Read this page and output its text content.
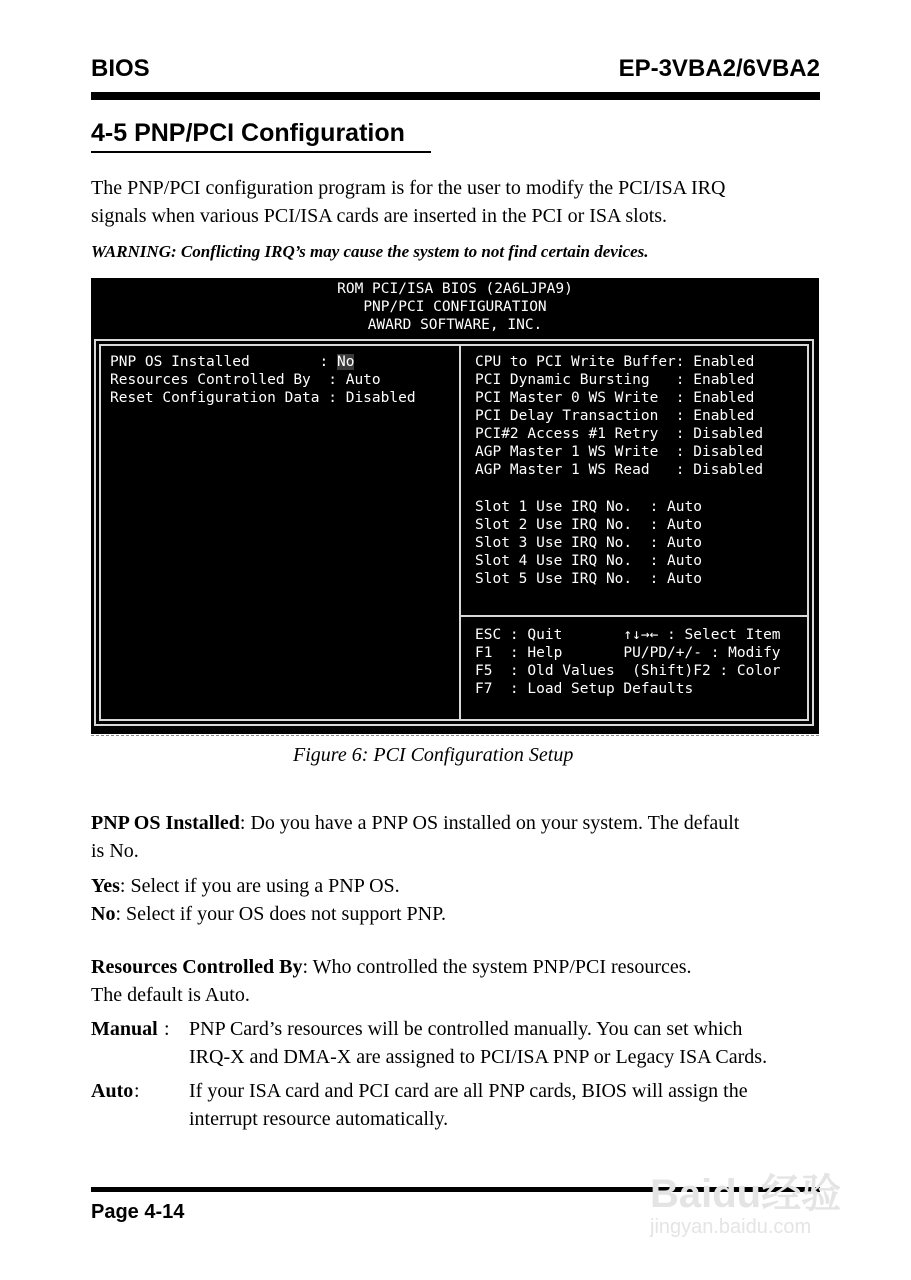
BIOS	EP-3VBA2/6VBA2
4-5 PNP/PCI Configuration
The PNP/PCI configuration program is for the user to modify the PCI/ISA IRQ
signals when various PCI/ISA cards are inserted in the PCI or ISA slots.
WARNING: Conflicting IRQ’s may cause the system to not find certain devices.
ROM PCI/ISA BIOS (2A6LJPA9)
PNP/PCI CONFIGURATION
AWARD SOFTWARE, INC.
PNP OS Installed        : No
Resources Controlled By  : Auto
Reset Configuration Data : Disabled
CPU to PCI Write Buffer: Enabled
PCI Dynamic Bursting   : Enabled
PCI Master 0 WS Write  : Enabled
PCI Delay Transaction  : Enabled
PCI#2 Access #1 Retry  : Disabled
AGP Master 1 WS Write  : Disabled
AGP Master 1 WS Read   : Disabled
Slot 1 Use IRQ No.  : Auto
Slot 2 Use IRQ No.  : Auto
Slot 3 Use IRQ No.  : Auto
Slot 4 Use IRQ No.  : Auto
Slot 5 Use IRQ No.  : Auto
ESC : Quit       ↑↓→← : Select Item
F1  : Help       PU/PD/+/- : Modify
F5  : Old Values  (Shift)F2 : Color
F7  : Load Setup Defaults
Figure 6: PCI Configuration Setup
PNP OS Installed: Do you have a PNP OS installed on your system. The default
is No.
Yes: Select if you are using a PNP OS.
No: Select if your OS does not support PNP.
Resources Controlled By: Who controlled the system PNP/PCI resources.
The default is Auto.
Manual : PNP Card’s resources will be controlled manually. You can set which
IRQ-X and DMA-X are assigned to PCI/ISA PNP or Legacy ISA Cards.
Auto : If your ISA card and PCI card are all PNP cards, BIOS will assign the
interrupt resource automatically.
Page 4-14	Baidu经验
jingyan.baidu.com
